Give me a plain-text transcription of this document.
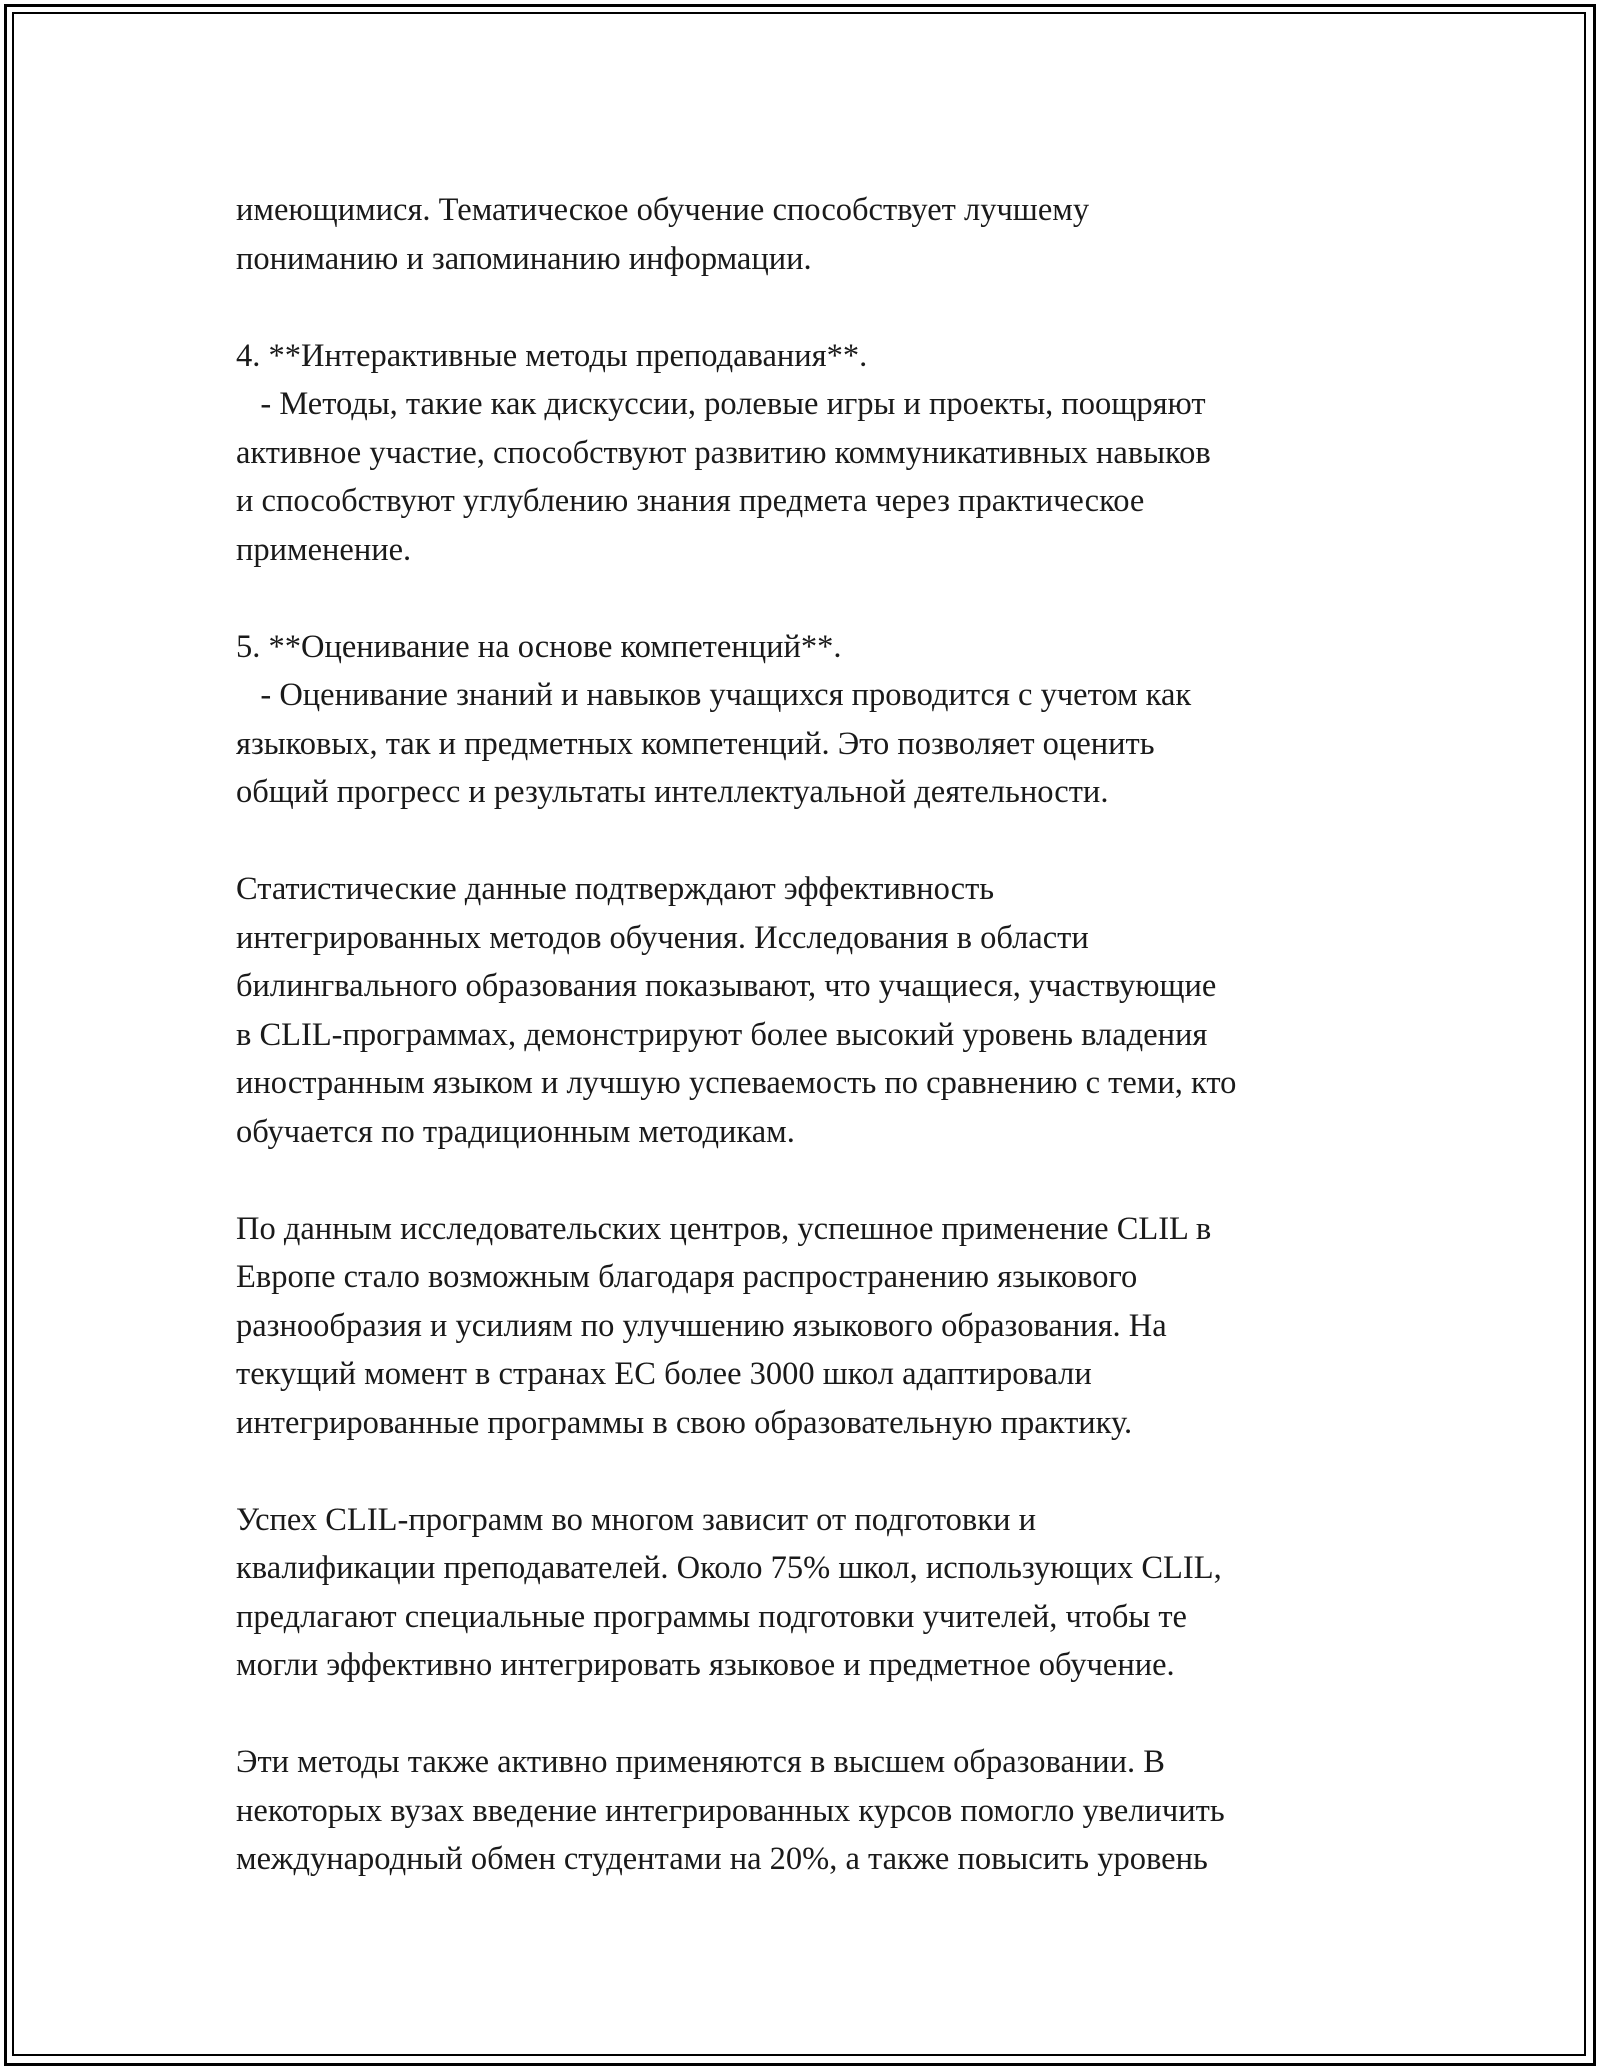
имеющимися. Тематическое обучение способствует лучшему
пониманию и запоминанию информации.
4. **Интерактивные методы преподавания**.
- Методы, такие как дискуссии, ролевые игры и проекты, поощряют
активное участие, способствуют развитию коммуникативных навыков
и способствуют углублению знания предмета через практическое
применение.
5. **Оценивание на основе компетенций**.
- Оценивание знаний и навыков учащихся проводится с учетом как
языковых, так и предметных компетенций. Это позволяет оценить
общий прогресс и результаты интеллектуальной деятельности.
Статистические данные подтверждают эффективность
интегрированных методов обучения. Исследования в области
билингвального образования показывают, что учащиеся, участвующие
в CLIL-программах, демонстрируют более высокий уровень владения
иностранным языком и лучшую успеваемость по сравнению с теми, кто
обучается по традиционным методикам.
По данным исследовательских центров, успешное применение CLIL в
Европе стало возможным благодаря распространению языкового
разнообразия и усилиям по улучшению языкового образования. На
текущий момент в странах ЕС более 3000 школ адаптировали
интегрированные программы в свою образовательную практику.
Успех CLIL-программ во многом зависит от подготовки и
квалификации преподавателей. Около 75% школ, использующих CLIL,
предлагают специальные программы подготовки учителей, чтобы те
могли эффективно интегрировать языковое и предметное обучение.
Эти методы также активно применяются в высшем образовании. В
некоторых вузах введение интегрированных курсов помогло увеличить
международный обмен студентами на 20%, а также повысить уровень
